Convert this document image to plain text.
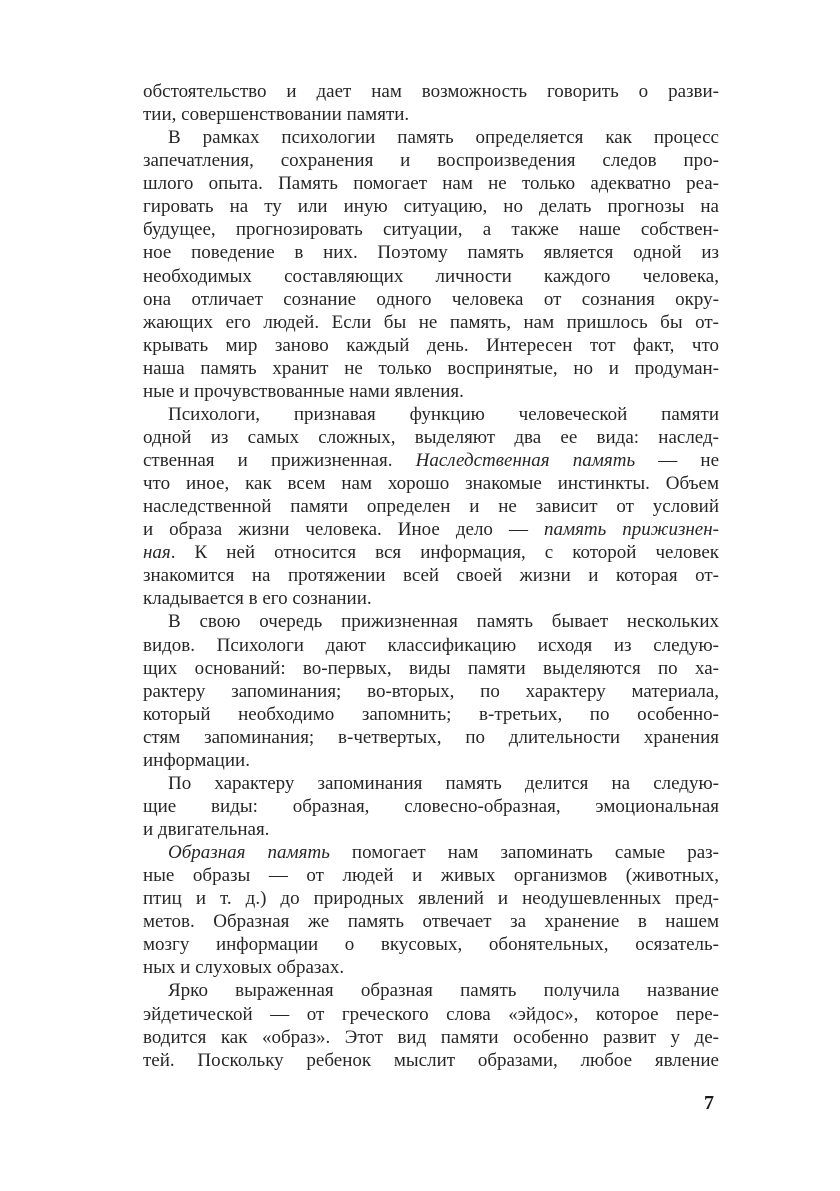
обстоятельство и дает нам возможность говорить о разви-
тии, совершенствовании памяти.
В рамках психологии память определяется как процесс
запечатления, сохранения и воспроизведения следов про-
шлого опыта. Память помогает нам не только адекватно реа-
гировать на ту или иную ситуацию, но делать прогнозы на
будущее, прогнозировать ситуации, а также наше собствен-
ное поведение в них. Поэтому память является одной из
необходимых составляющих личности каждого человека,
она отличает сознание одного человека от сознания окру-
жающих его людей. Если бы не память, нам пришлось бы от-
крывать мир заново каждый день. Интересен тот факт, что
наша память хранит не только воспринятые, но и продуман-
ные и прочувствованные нами явления.
Психологи, признавая функцию человеческой памяти
одной из самых сложных, выделяют два ее вида: наслед-
ственная и прижизненная. Наследственная память — не
что иное, как всем нам хорошо знакомые инстинкты. Объем
наследственной памяти определен и не зависит от условий
и образа жизни человека. Иное дело — память прижизнен-
ная. К ней относится вся информация, с которой человек
знакомится на протяжении всей своей жизни и которая от-
кладывается в его сознании.
В свою очередь прижизненная память бывает нескольких
видов. Психологи дают классификацию исходя из следую-
щих оснований: во-первых, виды памяти выделяются по ха-
рактеру запоминания; во-вторых, по характеру материала,
который необходимо запомнить; в-третьих, по особенно-
стям запоминания; в-четвертых, по длительности хранения
информации.
По характеру запоминания память делится на следую-
щие виды: образная, словесно-образная, эмоциональная
и двигательная.
Образная память помогает нам запоминать самые раз-
ные образы — от людей и живых организмов (животных,
птиц и т. д.) до природных явлений и неодушевленных пред-
метов. Образная же память отвечает за хранение в нашем
мозгу информации о вкусовых, обонятельных, осязатель-
ных и слуховых образах.
Ярко выраженная образная память получила название
эйдетической — от греческого слова «эйдос», которое пере-
водится как «образ». Этот вид памяти особенно развит у де-
тей. Поскольку ребенок мыслит образами, любое явление
7
